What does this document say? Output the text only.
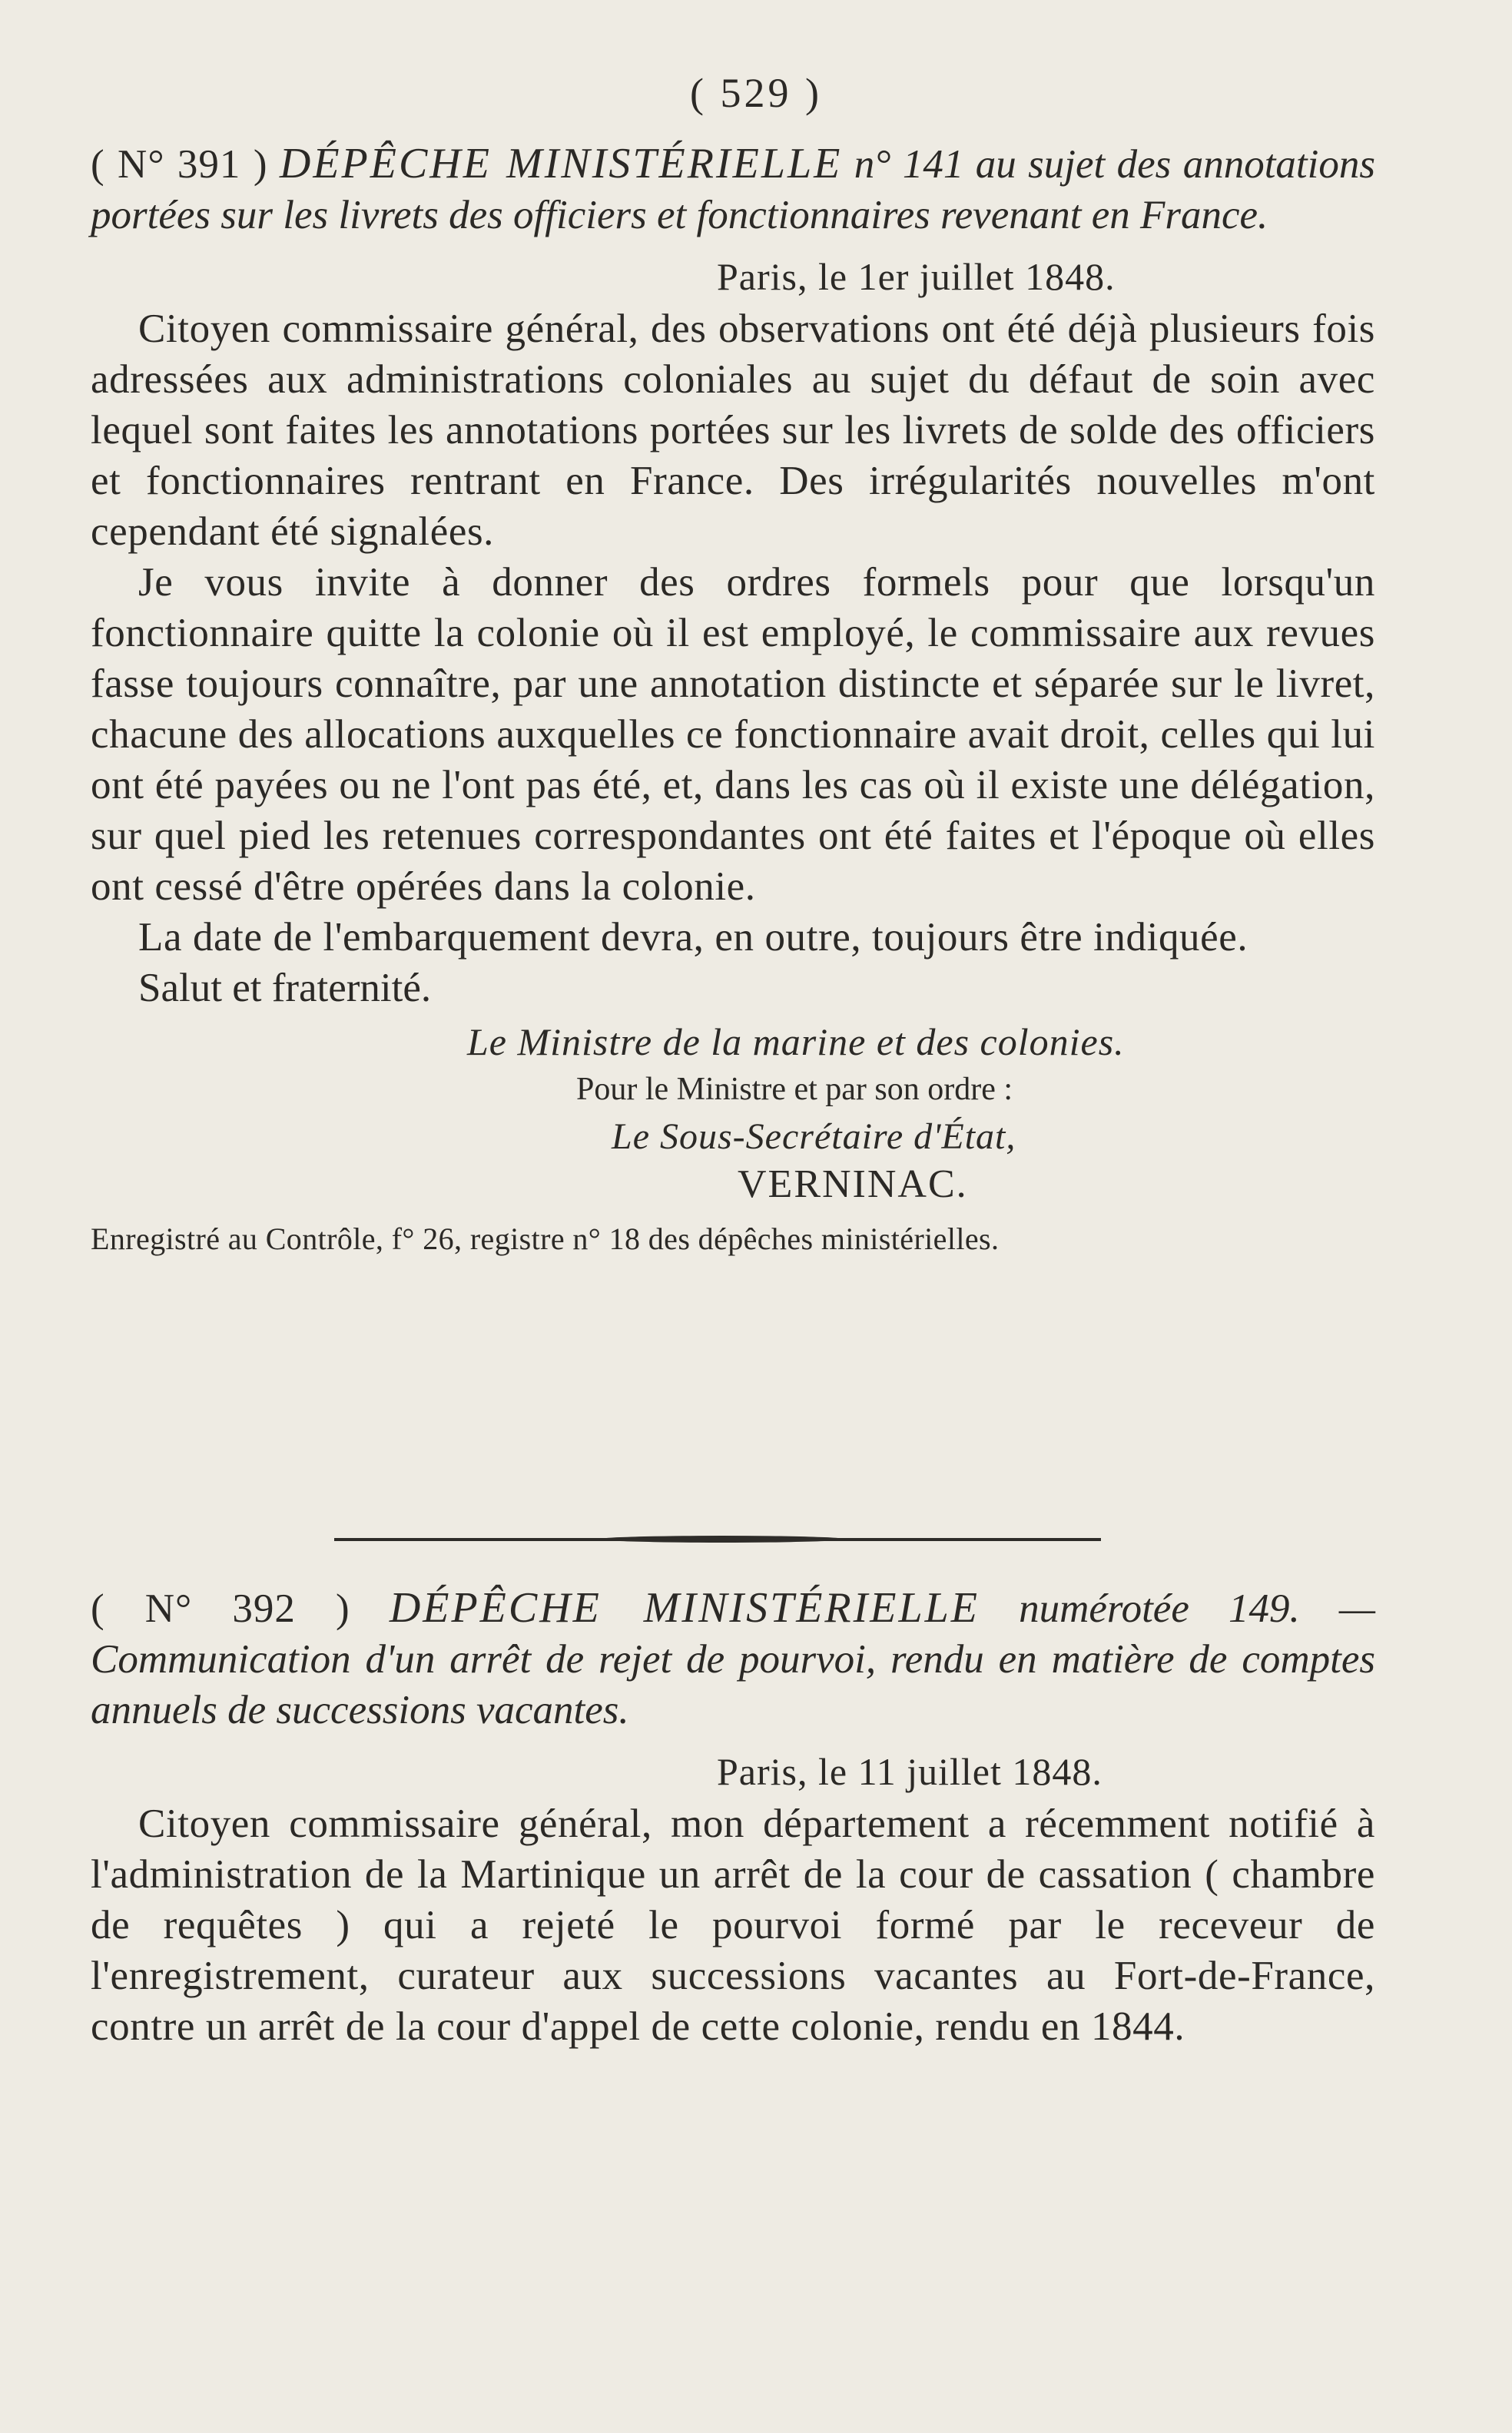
( 529 )

( N° 391 ) DÉPÊCHE MINISTÉRIELLE n° 141 au sujet des annotations portées sur les livrets des officiers et fonctionnaires revenant en France.

Paris, le 1er juillet 1848.

Citoyen commissaire général, des observations ont été déjà plusieurs fois adressées aux administrations coloniales au sujet du défaut de soin avec lequel sont faites les annotations portées sur les livrets de solde des officiers et fonctionnaires rentrant en France. Des irrégularités nouvelles m'ont cependant été signalées.

Je vous invite à donner des ordres formels pour que lorsqu'un fonctionnaire quitte la colonie où il est employé, le commissaire aux revues fasse toujours connaître, par une annotation distincte et séparée sur le livret, chacune des allocations auxquelles ce fonctionnaire avait droit, celles qui lui ont été payées ou ne l'ont pas été, et, dans les cas où il existe une délégation, sur quel pied les retenues correspondantes ont été faites et l'époque où elles ont cessé d'être opérées dans la colonie.

La date de l'embarquement devra, en outre, toujours être indiquée.

Salut et fraternité.

Le Ministre de la marine et des colonies.

Pour le Ministre et par son ordre :

Le Sous-Secrétaire d'État,

VERNINAC.

Enregistré au Contrôle, f° 26, registre n° 18 des dépêches ministérielles.

( N° 392 ) DÉPÊCHE MINISTÉRIELLE numérotée 149. — Communication d'un arrêt de rejet de pourvoi, rendu en matière de comptes annuels de successions vacantes.

Paris, le 11 juillet 1848.

Citoyen commissaire général, mon département a récemment notifié à l'administration de la Martinique un arrêt de la cour de cassation ( chambre de requêtes ) qui a rejeté le pourvoi formé par le receveur de l'enregistrement, curateur aux successions vacantes au Fort-de-France, contre un arrêt de la cour d'appel de cette colonie, rendu en 1844.
